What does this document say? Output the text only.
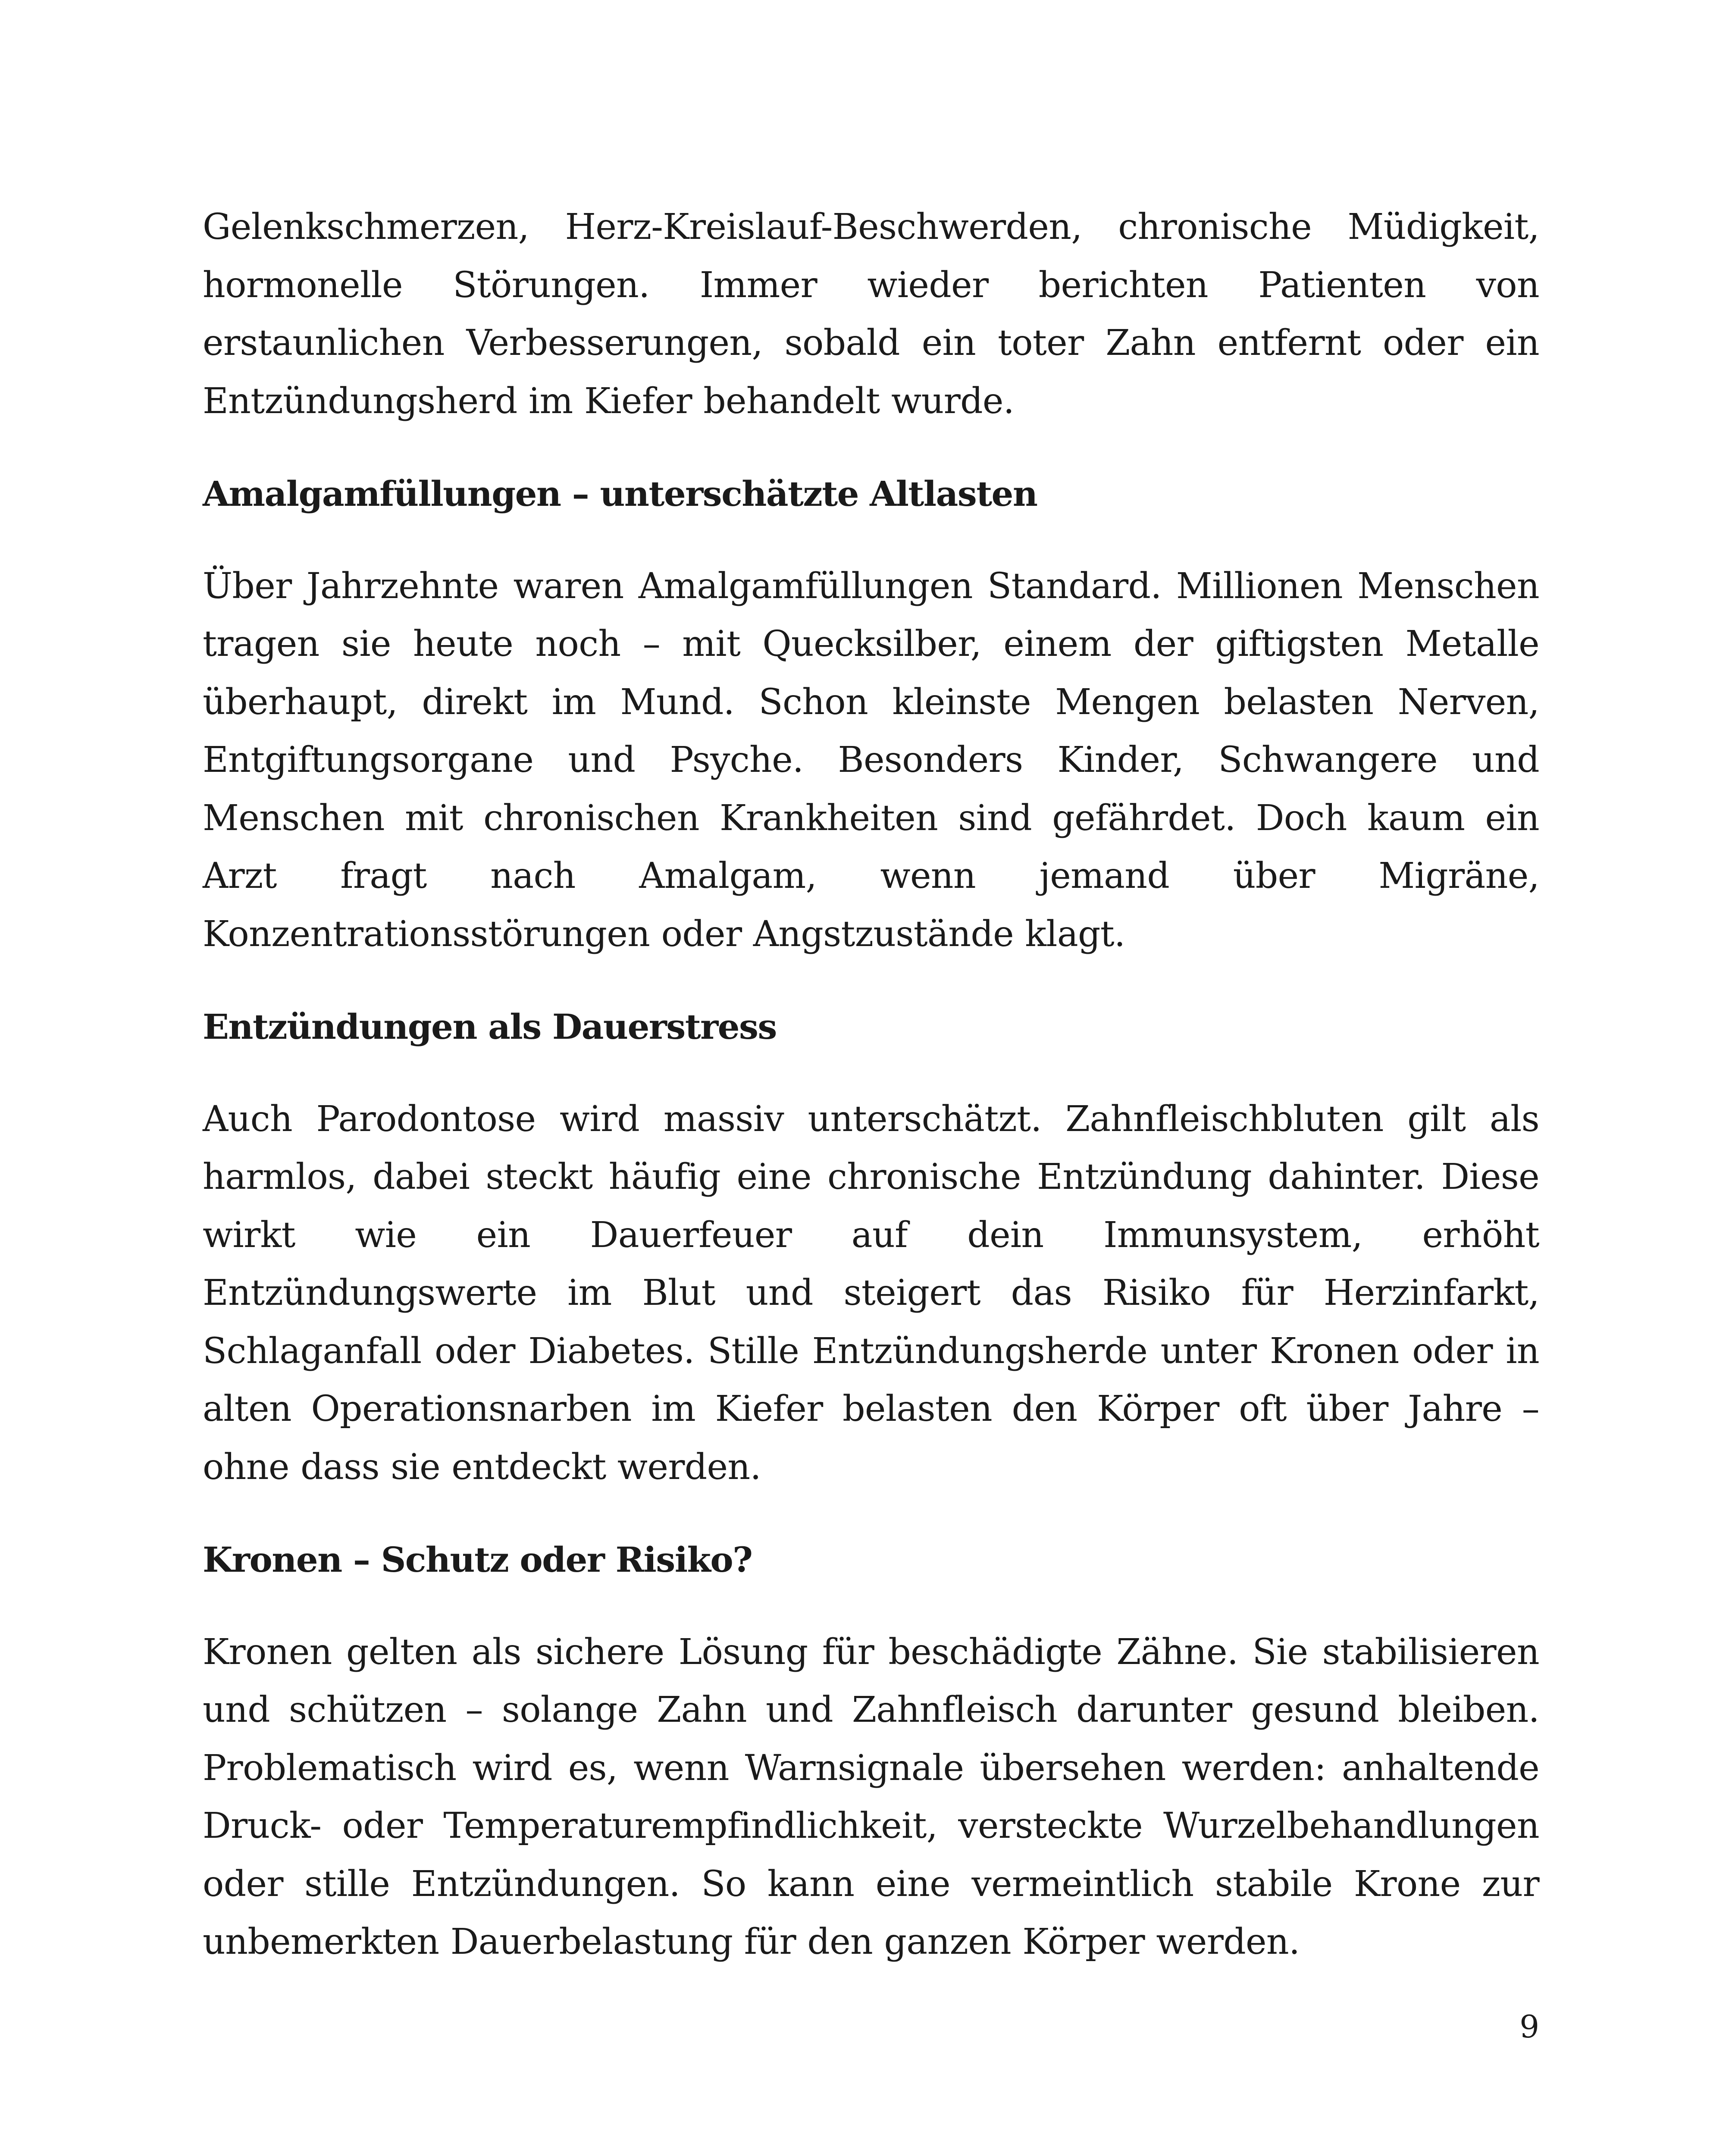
Gelenkschmerzen, Herz-Kreislauf-Beschwerden, chronische Müdigkeit, hormonelle Störungen. Immer wieder berichten Patienten von erstaunlichen Verbesserungen, sobald ein toter Zahn entfernt oder ein Entzündungsherd im Kiefer behandelt wurde.

Amalgamfüllungen – unterschätzte Altlasten

Über Jahrzehnte waren Amalgamfüllungen Standard. Millionen Menschen tragen sie heute noch – mit Quecksilber, einem der giftigsten Metalle überhaupt, direkt im Mund. Schon kleinste Mengen belasten Nerven, Entgiftungsorgane und Psyche. Besonders Kinder, Schwangere und Menschen mit chronischen Krankheiten sind gefährdet. Doch kaum ein Arzt fragt nach Amalgam, wenn jemand über Migräne, Konzentrationsstörungen oder Angstzustände klagt.

Entzündungen als Dauerstress

Auch Parodontose wird massiv unterschätzt. Zahnfleischbluten gilt als harmlos, dabei steckt häufig eine chronische Entzündung dahinter. Diese wirkt wie ein Dauerfeuer auf dein Immunsystem, erhöht Entzündungswerte im Blut und steigert das Risiko für Herzinfarkt, Schlaganfall oder Diabetes. Stille Entzündungsherde unter Kronen oder in alten Operationsnarben im Kiefer belasten den Körper oft über Jahre – ohne dass sie entdeckt werden.

Kronen – Schutz oder Risiko?

Kronen gelten als sichere Lösung für beschädigte Zähne. Sie stabilisieren und schützen – solange Zahn und Zahnfleisch darunter gesund bleiben. Problematisch wird es, wenn Warnsignale übersehen werden: anhaltende Druck- oder Temperaturempfindlichkeit, versteckte Wurzelbehandlungen oder stille Entzündungen. So kann eine vermeintlich stabile Krone zur unbemerkten Dauerbelastung für den ganzen Körper werden.

9
